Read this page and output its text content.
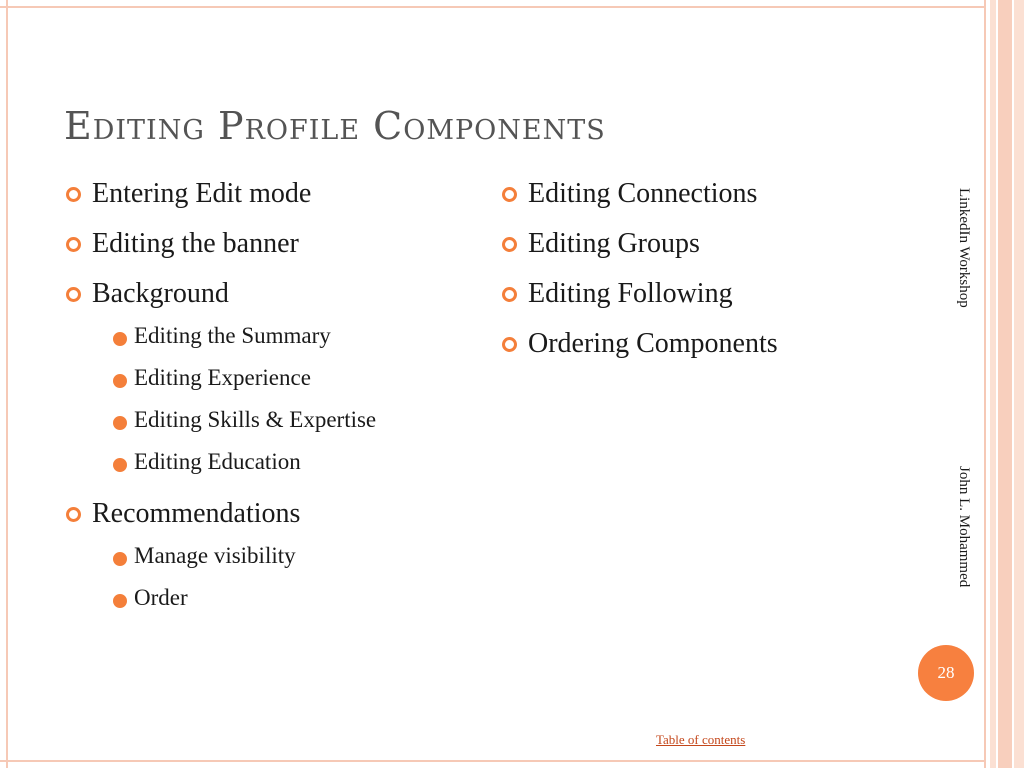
Editing Profile Components
Entering Edit mode
Editing the banner
Background
Editing the Summary
Editing Experience
Editing Skills & Expertise
Editing Education
Recommendations
Manage visibility
Order
Editing Connections
Editing Groups
Editing Following
Ordering Components
LinkedIn Workshop
John L. Mohammed
28
Table of contents
